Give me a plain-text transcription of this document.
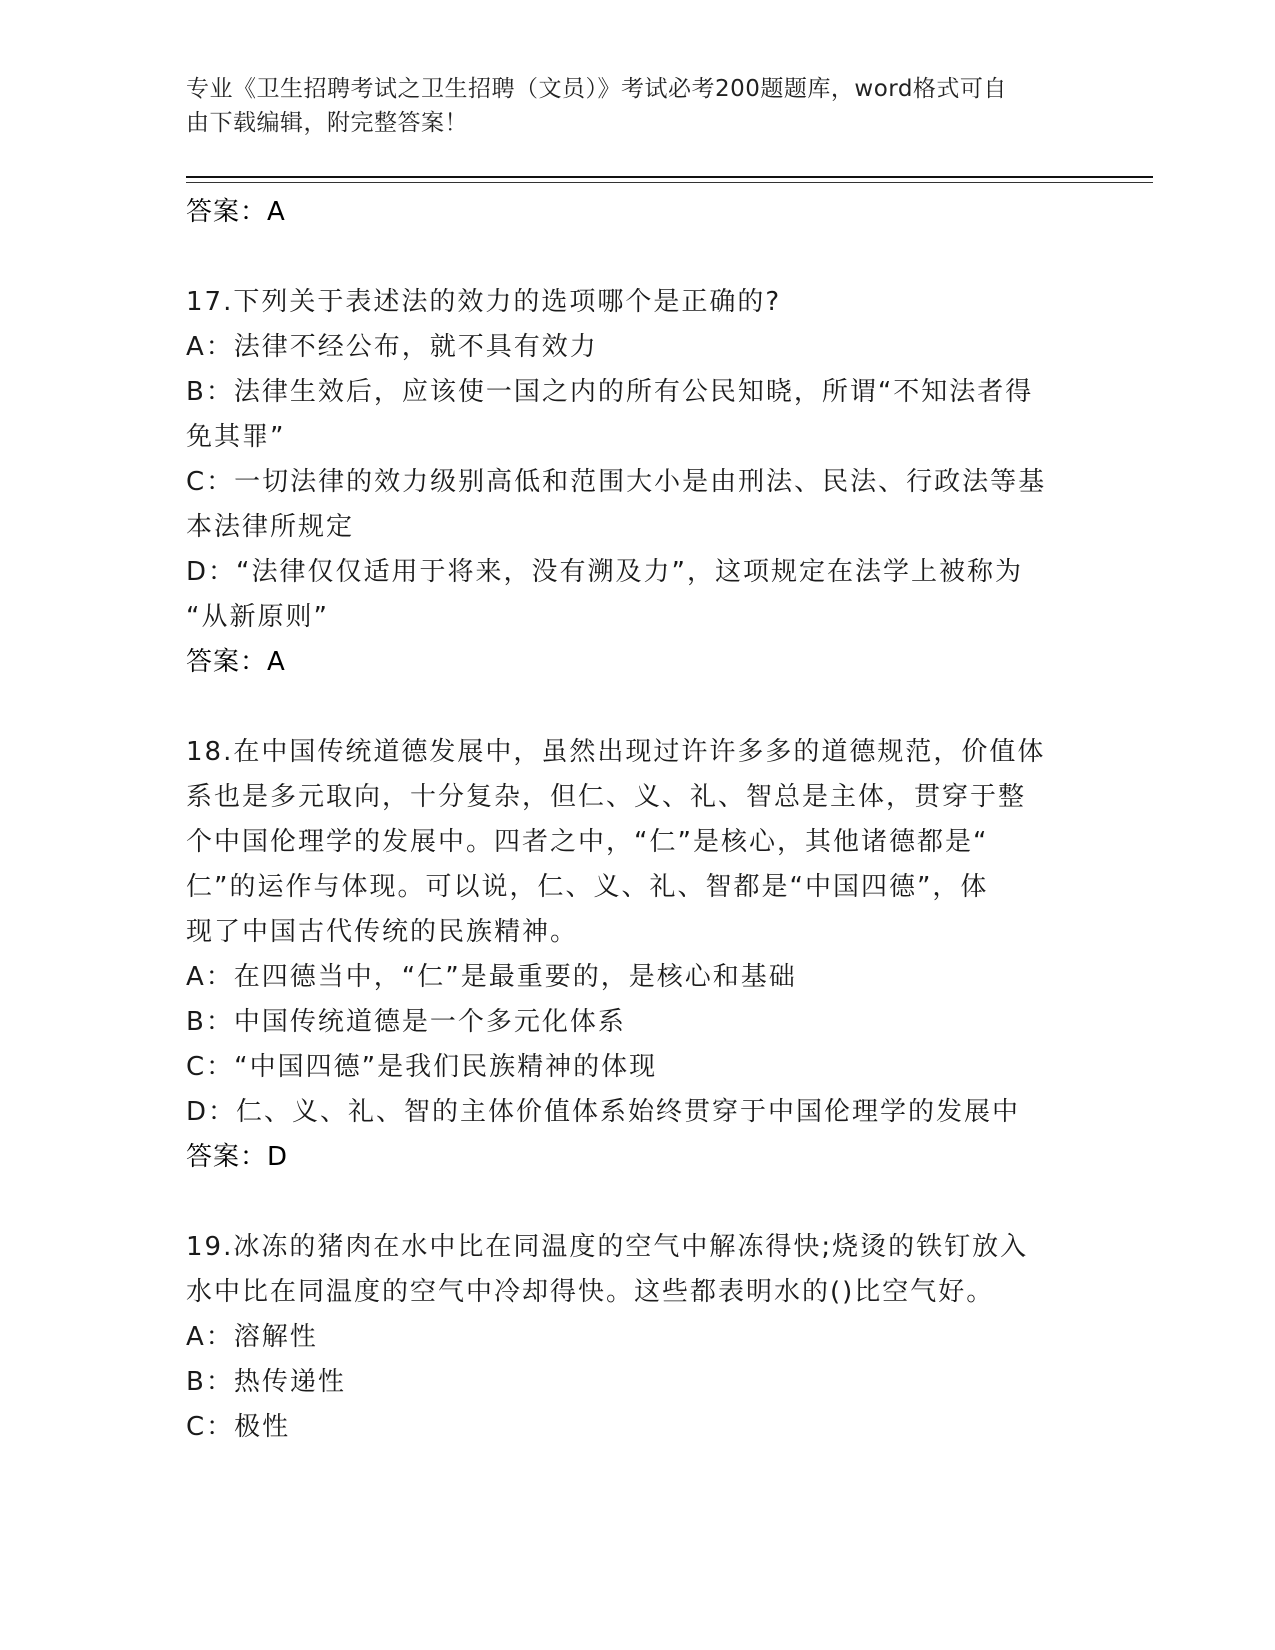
专业《卫生招聘考试之卫生招聘（文员）》考试必考200题题库，word格式可自
由下载编辑，附完整答案！
答案：A
17.下列关于表述法的效力的选项哪个是正确的?
A：法律不经公布，就不具有效力
B：法律生效后，应该使一国之内的所有公民知晓，所谓“不知法者得
免其罪”
C：一切法律的效力级别高低和范围大小是由刑法、民法、行政法等基
本法律所规定
D：“法律仅仅适用于将来，没有溯及力”，这项规定在法学上被称为
“从新原则”
答案：A
18.在中国传统道德发展中，虽然出现过许许多多的道德规范，价值体
系也是多元取向，十分复杂，但仁、义、礼、智总是主体，贯穿于整
个中国伦理学的发展中。四者之中，“仁”是核心，其他诸德都是“
仁”的运作与体现。可以说，仁、义、礼、智都是“中国四德”，体
现了中国古代传统的民族精神。
A：在四德当中，“仁”是最重要的，是核心和基础
B：中国传统道德是一个多元化体系
C：“中国四德”是我们民族精神的体现
D：仁、义、礼、智的主体价值体系始终贯穿于中国伦理学的发展中
答案：D
19.冰冻的猪肉在水中比在同温度的空气中解冻得快;烧烫的铁钉放入
水中比在同温度的空气中冷却得快。这些都表明水的()比空气好。
A：溶解性
B：热传递性
C：极性
